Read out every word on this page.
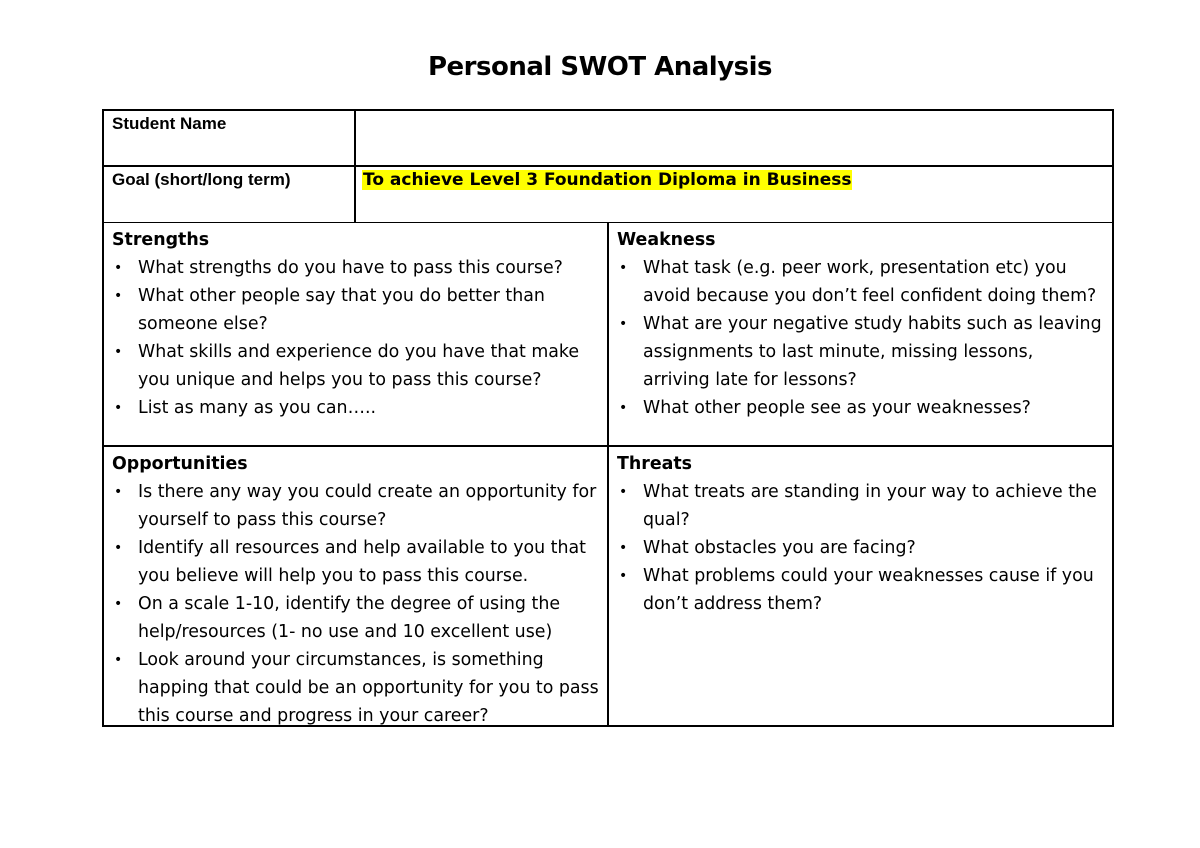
Personal SWOT Analysis
Student Name
Goal (short/long term)	To achieve Level 3 Foundation Diploma in Business
Strengths
• What strengths do you have to pass this course?
• What other people say that you do better than someone else?
• What skills and experience do you have that make you unique and helps you to pass this course?
• List as many as you can…..
Weakness
• What task (e.g. peer work, presentation etc) you avoid because you don’t feel confident doing them?
• What are your negative study habits such as leaving assignments to last minute, missing lessons, arriving late for lessons?
• What other people see as your weaknesses?
Opportunities
• Is there any way you could create an opportunity for yourself to pass this course?
• Identify all resources and help available to you that you believe will help you to pass this course.
• On a scale 1-10, identify the degree of using the help/resources (1- no use and 10 excellent use)
• Look around your circumstances, is something happing that could be an opportunity for you to pass this course and progress in your career?
Threats
• What treats are standing in your way to achieve the qual?
• What obstacles you are facing?
• What problems could your weaknesses cause if you don’t address them?
